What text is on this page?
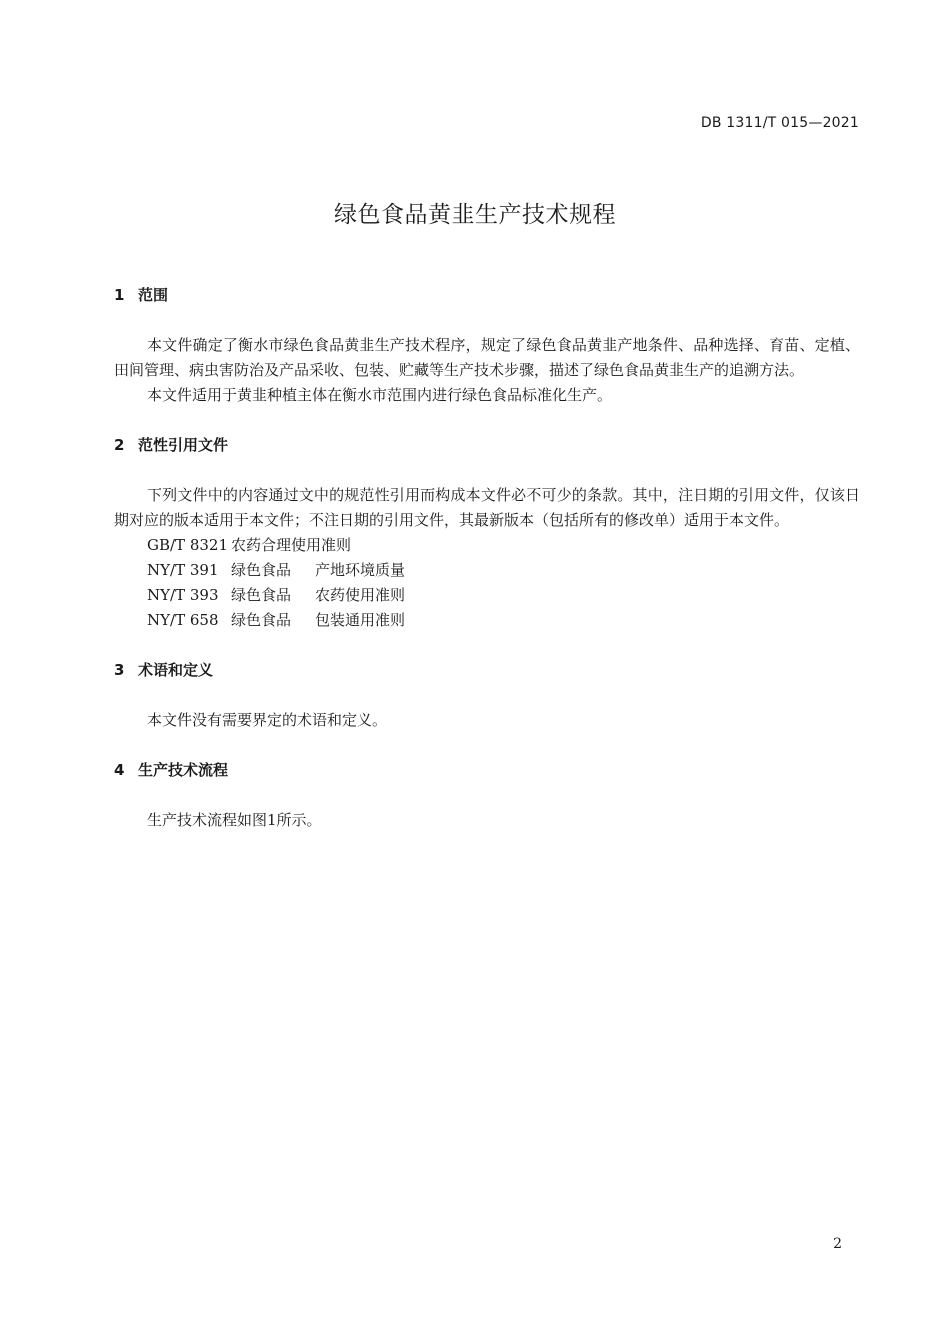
DB 1311/T 015—2021
绿色食品黄韭生产技术规程
1 范围

本文件确定了衡水市绿色食品黄韭生产技术程序，规定了绿色食品黄韭产地条件、品种选择、育苗、定植、田间管理、病虫害防治及产品采收、包装、贮藏等生产技术步骤，描述了绿色食品黄韭生产的追溯方法。

本文件适用于黄韭种植主体在衡水市范围内进行绿色食品标准化生产。

2 范性引用文件

下列文件中的内容通过文中的规范性引用而构成本文件必不可少的条款。其中，注日期的引用文件，仅该日期对应的版本适用于本文件；不注日期的引用文件，其最新版本（包括所有的修改单）适用于本文件。

GB/T 8321 农药合理使用准则
NY/T 391 绿色食品 产地环境质量
NY/T 393 绿色食品 农药使用准则
NY/T 658 绿色食品 包装通用准则
3 术语和定义

本文件没有需要界定的术语和定义。

4 生产技术流程

生产技术流程如图1所示。

2
